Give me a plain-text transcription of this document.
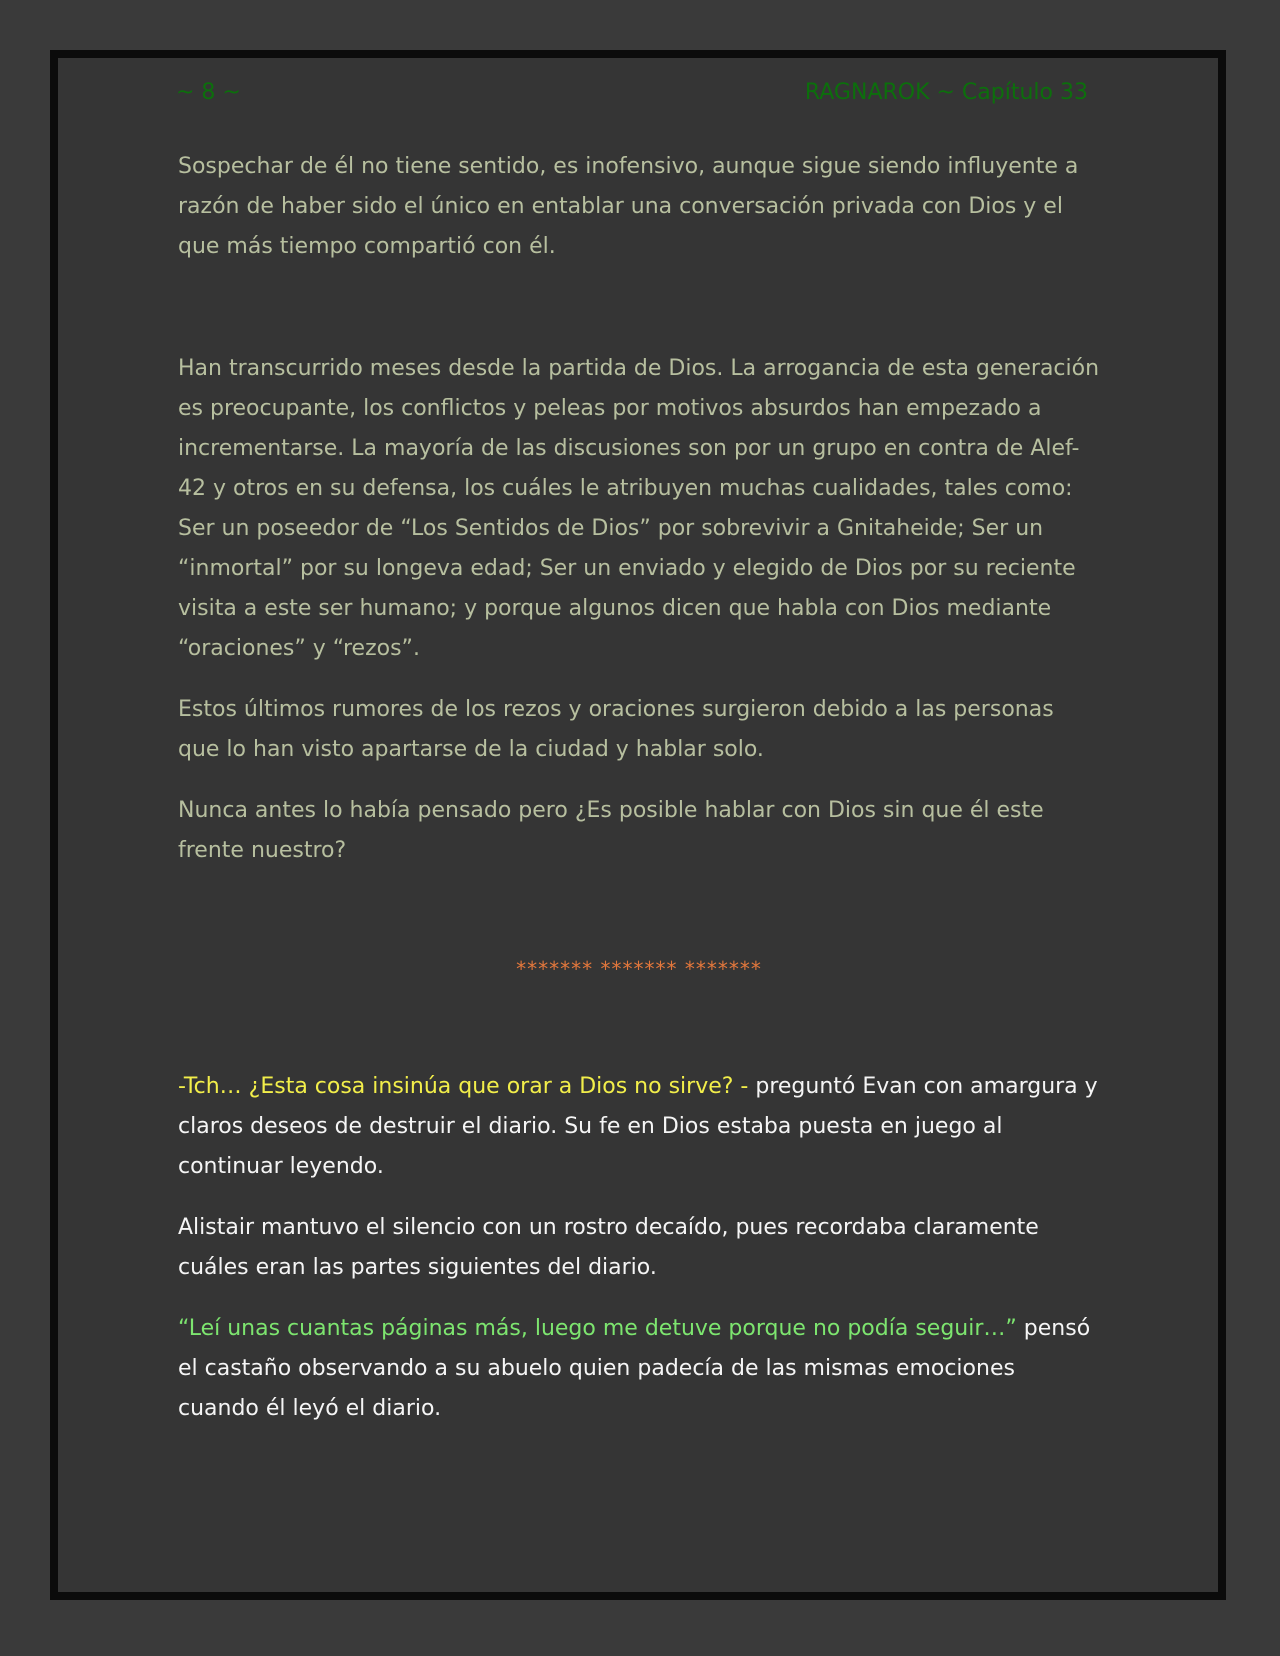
~ 8 ~	RAGNAROK ~ Capítulo 33

Sospechar de él no tiene sentido, es inofensivo, aunque sigue siendo influyente a razón de haber sido el único en entablar una conversación privada con Dios y el que más tiempo compartió con él.

Han transcurrido meses desde la partida de Dios. La arrogancia de esta generación es preocupante, los conflictos y peleas por motivos absurdos han empezado a incrementarse. La mayoría de las discusiones son por un grupo en contra de Alef-42 y otros en su defensa, los cuáles le atribuyen muchas cualidades, tales como: Ser un poseedor de “Los Sentidos de Dios” por sobrevivir a Gnitaheide; Ser un “inmortal” por su longeva edad; Ser un enviado y elegido de Dios por su reciente visita a este ser humano; y porque algunos dicen que habla con Dios mediante “oraciones” y “rezos”.

Estos últimos rumores de los rezos y oraciones surgieron debido a las personas que lo han visto apartarse de la ciudad y hablar solo.

Nunca antes lo había pensado pero ¿Es posible hablar con Dios sin que él este frente nuestro?

******* ******* *******

-Tch… ¿Esta cosa insinúa que orar a Dios no sirve? - preguntó Evan con amargura y claros deseos de destruir el diario. Su fe en Dios estaba puesta en juego al continuar leyendo.

Alistair mantuvo el silencio con un rostro decaído, pues recordaba claramente cuáles eran las partes siguientes del diario.

“Leí unas cuantas páginas más, luego me detuve porque no podía seguir…” pensó el castaño observando a su abuelo quien padecía de las mismas emociones cuando él leyó el diario.
